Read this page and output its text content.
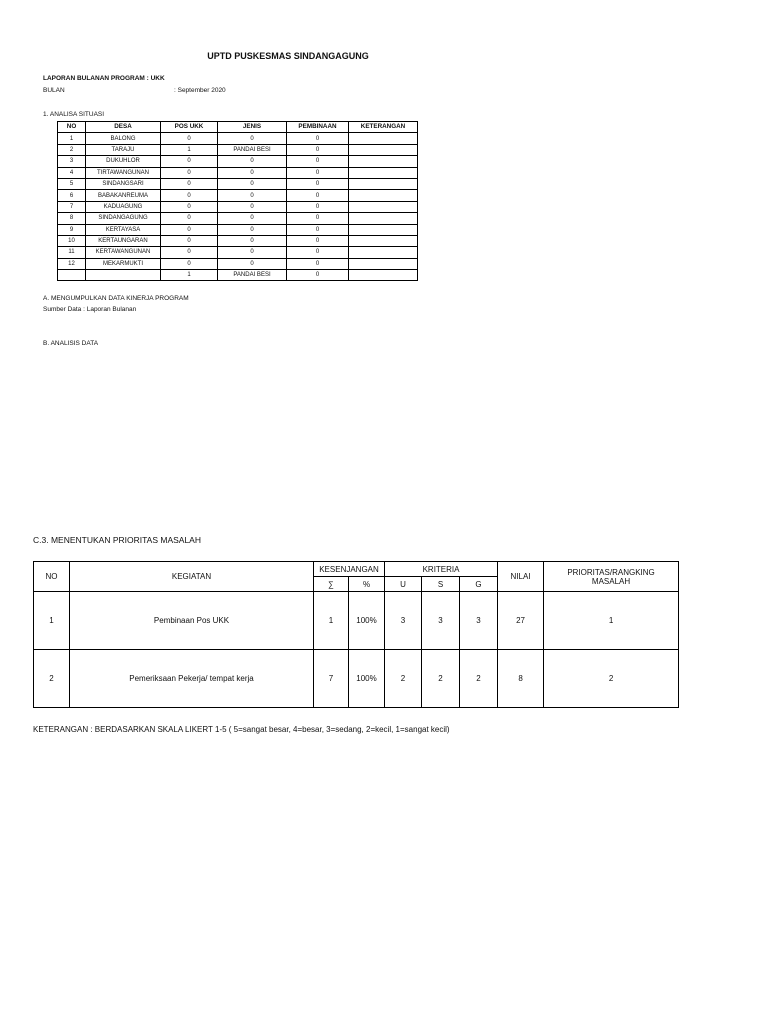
UPTD PUSKESMAS SINDANGAGUNG
LAPORAN BULANAN PROGRAM : UKK
BULAN	: September 2020
1. ANALISA SITUASI
NO	DESA	POS UKK	JENIS	PEMBINAAN	KETERANGAN
1	BALONG	0	0	0	
2	TARAJU	1	PANDAI BESI	0	
3	DUKUHLOR	0	0	0	
4	TIRTAWANGUNAN	0	0	0	
5	SINDANGSARI	0	0	0	
6	BABAKANREUMA	0	0	0	
7	KADUAGUNG	0	0	0	
8	SINDANGAGUNG	0	0	0	
9	KERTAYASA	0	0	0	
10	KERTAUNGARAN	0	0	0	
11	KERTAWANGUNAN	0	0	0	
12	MEKARMUKTI	0	0	0	
		1	PANDAI BESI	0	
A. MENGUMPULKAN DATA KINERJA PROGRAM
Sumber Data : Laporan Bulanan
B. ANALISIS DATA
C.3. MENENTUKAN PRIORITAS MASALAH
NO	KEGIATAN	KESENJANGAN		KRITERIA			NILAI	PRIORITAS/RANGKING MASALAH
		∑	%	U	S	G		
1	Pembinaan Pos UKK	1	100%	3	3	3	27	1
2	Pemeriksaan Pekerja/ tempat kerja	7	100%	2	2	2	8	2
KETERANGAN : BERDASARKAN SKALA LIKERT 1-5 ( 5=sangat besar, 4=besar, 3=sedang, 2=kecil, 1=sangat kecil)
